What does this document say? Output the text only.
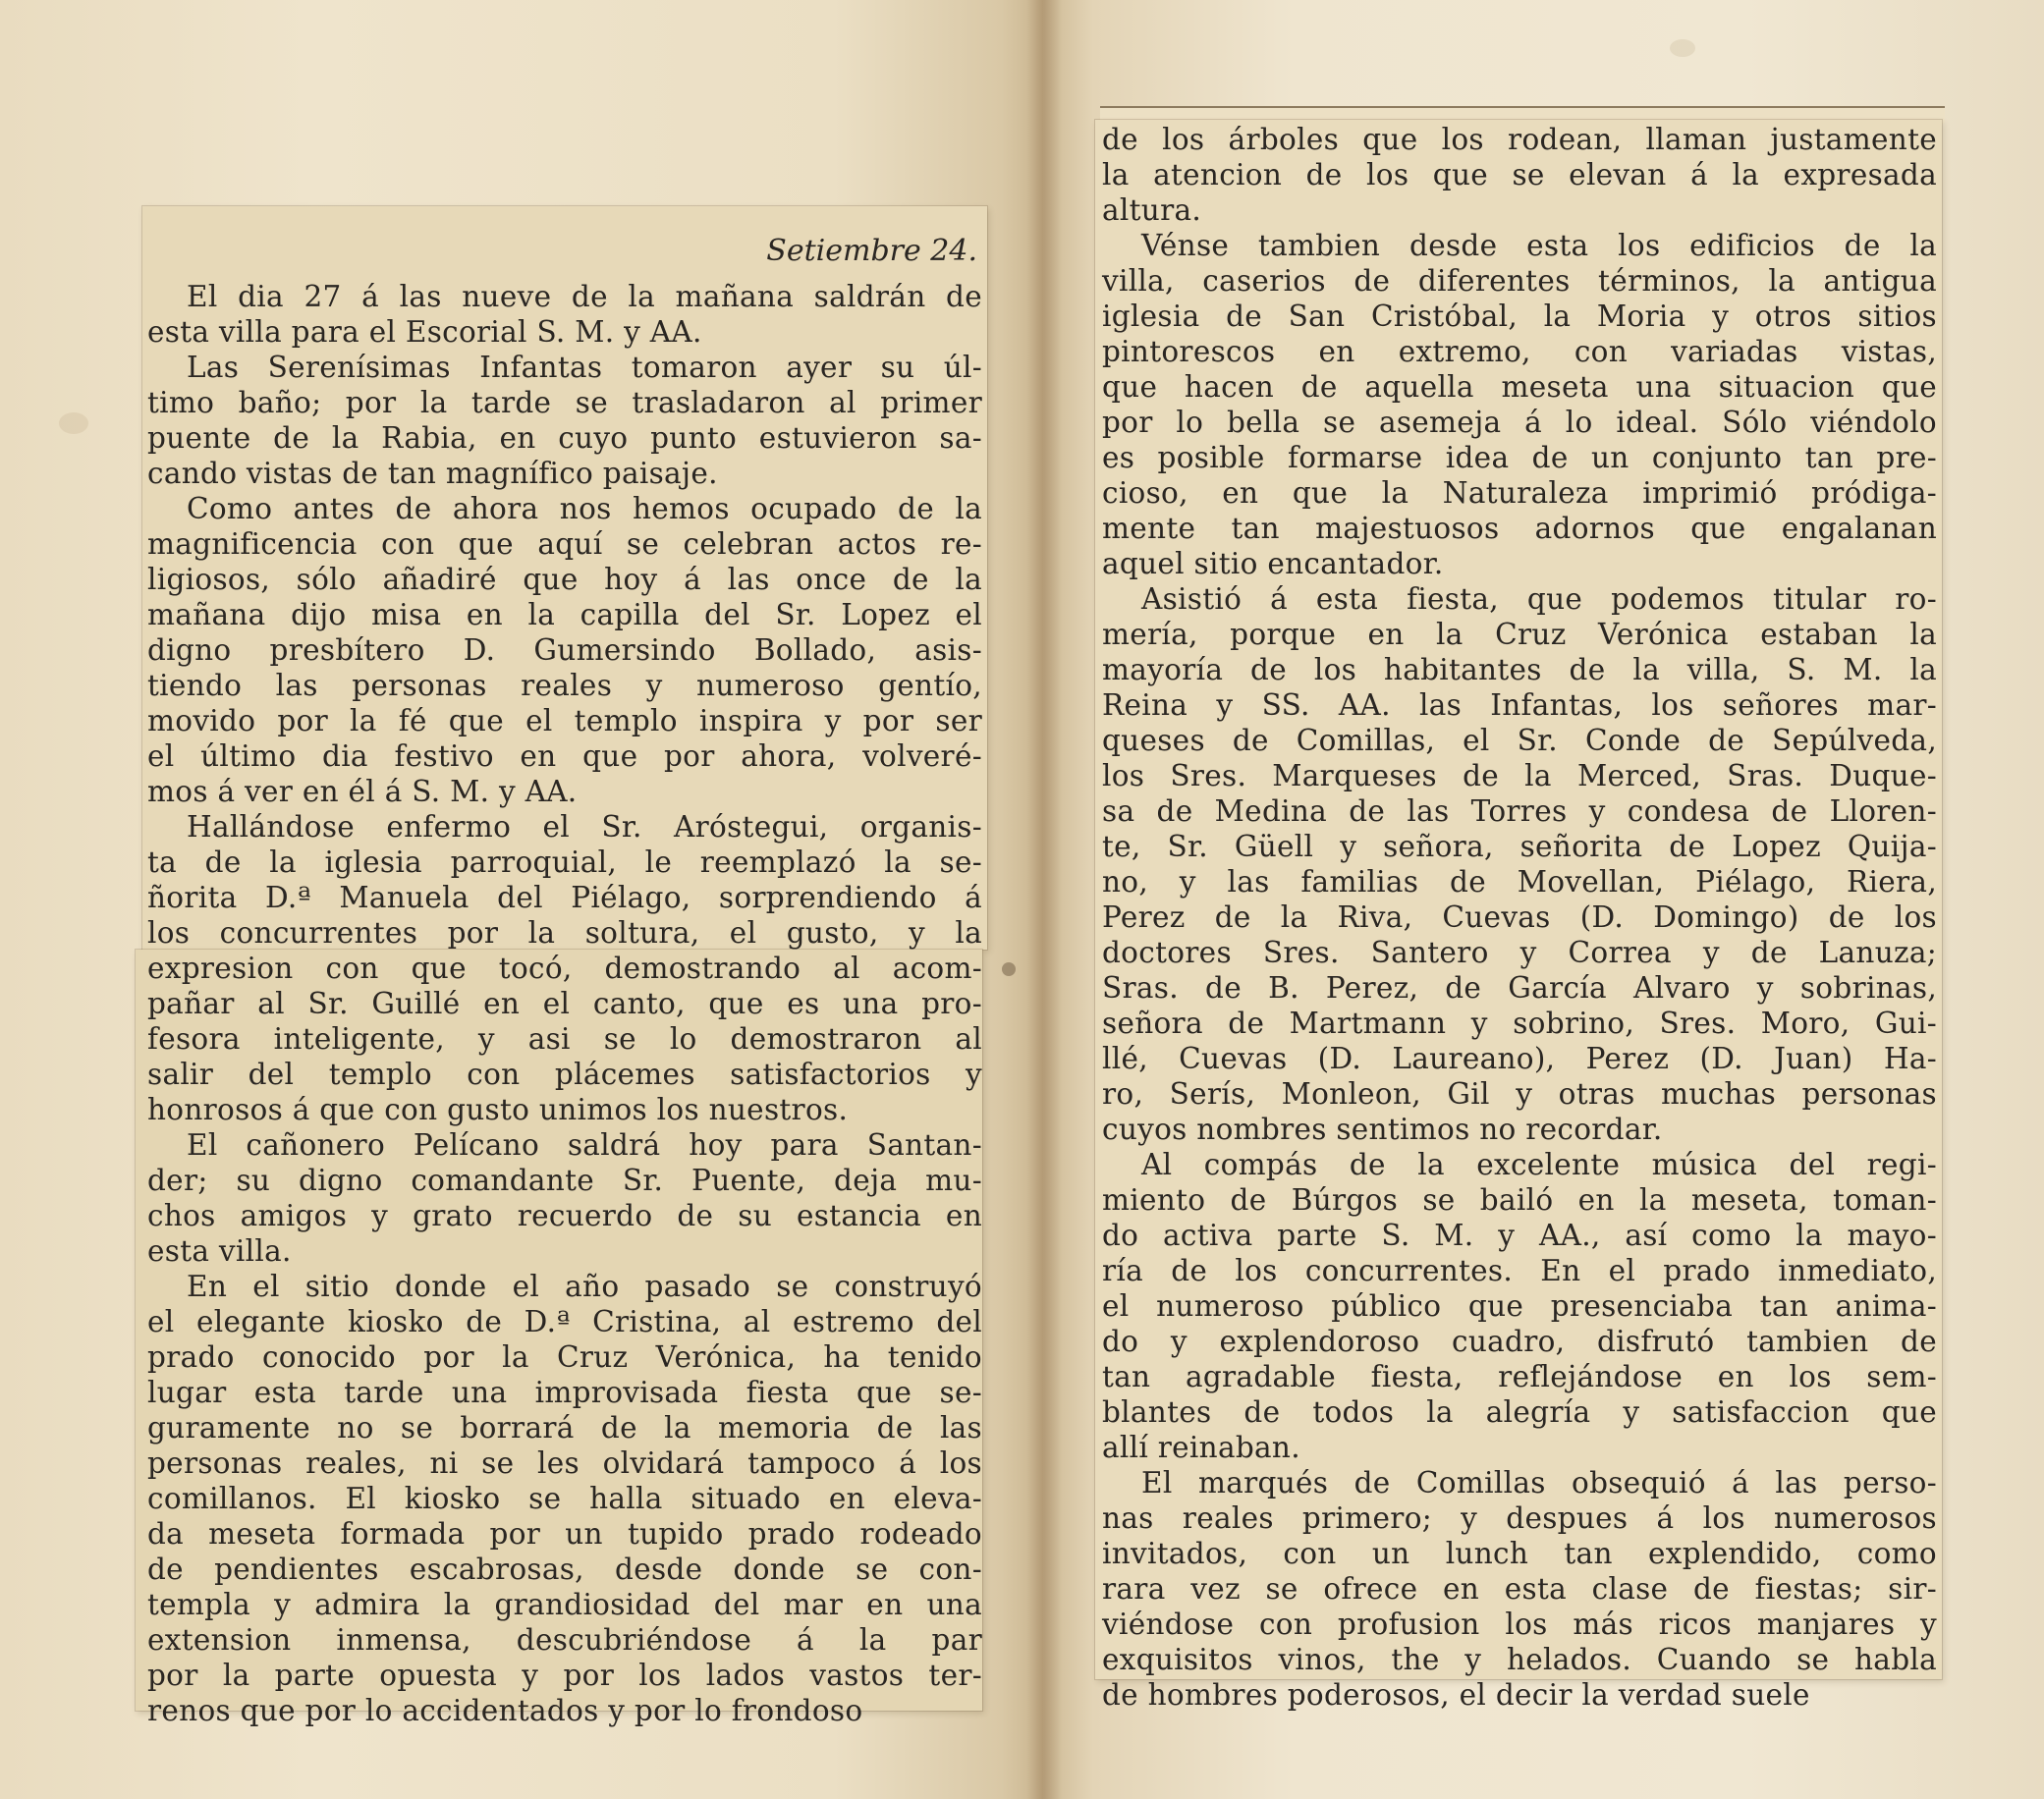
Setiembre 24.
El dia 27 á las nueve de la mañana saldrán de
esta villa para el Escorial S. M. y AA.
Las Serenísimas Infantas tomaron ayer su úl-
timo baño; por la tarde se trasladaron al primer
puente de la Rabia, en cuyo punto estuvieron sa-
cando vistas de tan magnífico paisaje.
Como antes de ahora nos hemos ocupado de la
magnificencia con que aquí se celebran actos re-
ligiosos, sólo añadiré que hoy á las once de la
mañana dijo misa en la capilla del Sr. Lopez el
digno presbítero D. Gumersindo Bollado, asis-
tiendo las personas reales y numeroso gentío,
movido por la fé que el templo inspira y por ser
el último dia festivo en que por ahora, volveré-
mos á ver en él á S. M. y AA.
Hallándose enfermo el Sr. Aróstegui, organis-
ta de la iglesia parroquial, le reemplazó la se-
ñorita D.ª Manuela del Piélago, sorprendiendo á
los concurrentes por la soltura, el gusto, y la
expresion con que tocó, demostrando al acom-
pañar al Sr. Guillé en el canto, que es una pro-
fesora inteligente, y asi se lo demostraron al
salir del templo con plácemes satisfactorios y
honrosos á que con gusto unimos los nuestros.
El cañonero Pelícano saldrá hoy para Santan-
der; su digno comandante Sr. Puente, deja mu-
chos amigos y grato recuerdo de su estancia en
esta villa.
En el sitio donde el año pasado se construyó
el elegante kiosko de D.ª Cristina, al estremo del
prado conocido por la Cruz Verónica, ha tenido
lugar esta tarde una improvisada fiesta que se-
guramente no se borrará de la memoria de las
personas reales, ni se les olvidará tampoco á los
comillanos. El kiosko se halla situado en eleva-
da meseta formada por un tupido prado rodeado
de pendientes escabrosas, desde donde se con-
templa y admira la grandiosidad del mar en una
extension inmensa, descubriéndose á la par
por la parte opuesta y por los lados vastos ter-
renos que por lo accidentados y por lo frondoso
de los árboles que los rodean, llaman justamente
la atencion de los que se elevan á la expresada
altura.
Vénse tambien desde esta los edificios de la
villa, caserios de diferentes términos, la antigua
iglesia de San Cristóbal, la Moria y otros sitios
pintorescos en extremo, con variadas vistas,
que hacen de aquella meseta una situacion que
por lo bella se asemeja á lo ideal. Sólo viéndolo
es posible formarse idea de un conjunto tan pre-
cioso, en que la Naturaleza imprimió pródiga-
mente tan majestuosos adornos que engalanan
aquel sitio encantador.
Asistió á esta fiesta, que podemos titular ro-
mería, porque en la Cruz Verónica estaban la
mayoría de los habitantes de la villa, S. M. la
Reina y SS. AA. las Infantas, los señores mar-
queses de Comillas, el Sr. Conde de Sepúlveda,
los Sres. Marqueses de la Merced, Sras. Duque-
sa de Medina de las Torres y condesa de Lloren-
te, Sr. Güell y señora, señorita de Lopez Quija-
no, y las familias de Movellan, Piélago, Riera,
Perez de la Riva, Cuevas (D. Domingo) de los
doctores Sres. Santero y Correa y de Lanuza;
Sras. de B. Perez, de García Alvaro y sobrinas,
señora de Martmann y sobrino, Sres. Moro, Gui-
llé, Cuevas (D. Laureano), Perez (D. Juan) Ha-
ro, Serís, Monleon, Gil y otras muchas personas
cuyos nombres sentimos no recordar.
Al compás de la excelente música del regi-
miento de Búrgos se bailó en la meseta, toman-
do activa parte S. M. y AA., así como la mayo-
ría de los concurrentes. En el prado inmediato,
el numeroso público que presenciaba tan anima-
do y explendoroso cuadro, disfrutó tambien de
tan agradable fiesta, reflejándose en los sem-
blantes de todos la alegría y satisfaccion que
allí reinaban.
El marqués de Comillas obsequió á las perso-
nas reales primero; y despues á los numerosos
invitados, con un lunch tan explendido, como
rara vez se ofrece en esta clase de fiestas; sir-
viéndose con profusion los más ricos manjares y
exquisitos vinos, the y helados. Cuando se habla
de hombres poderosos, el decir la verdad suele
